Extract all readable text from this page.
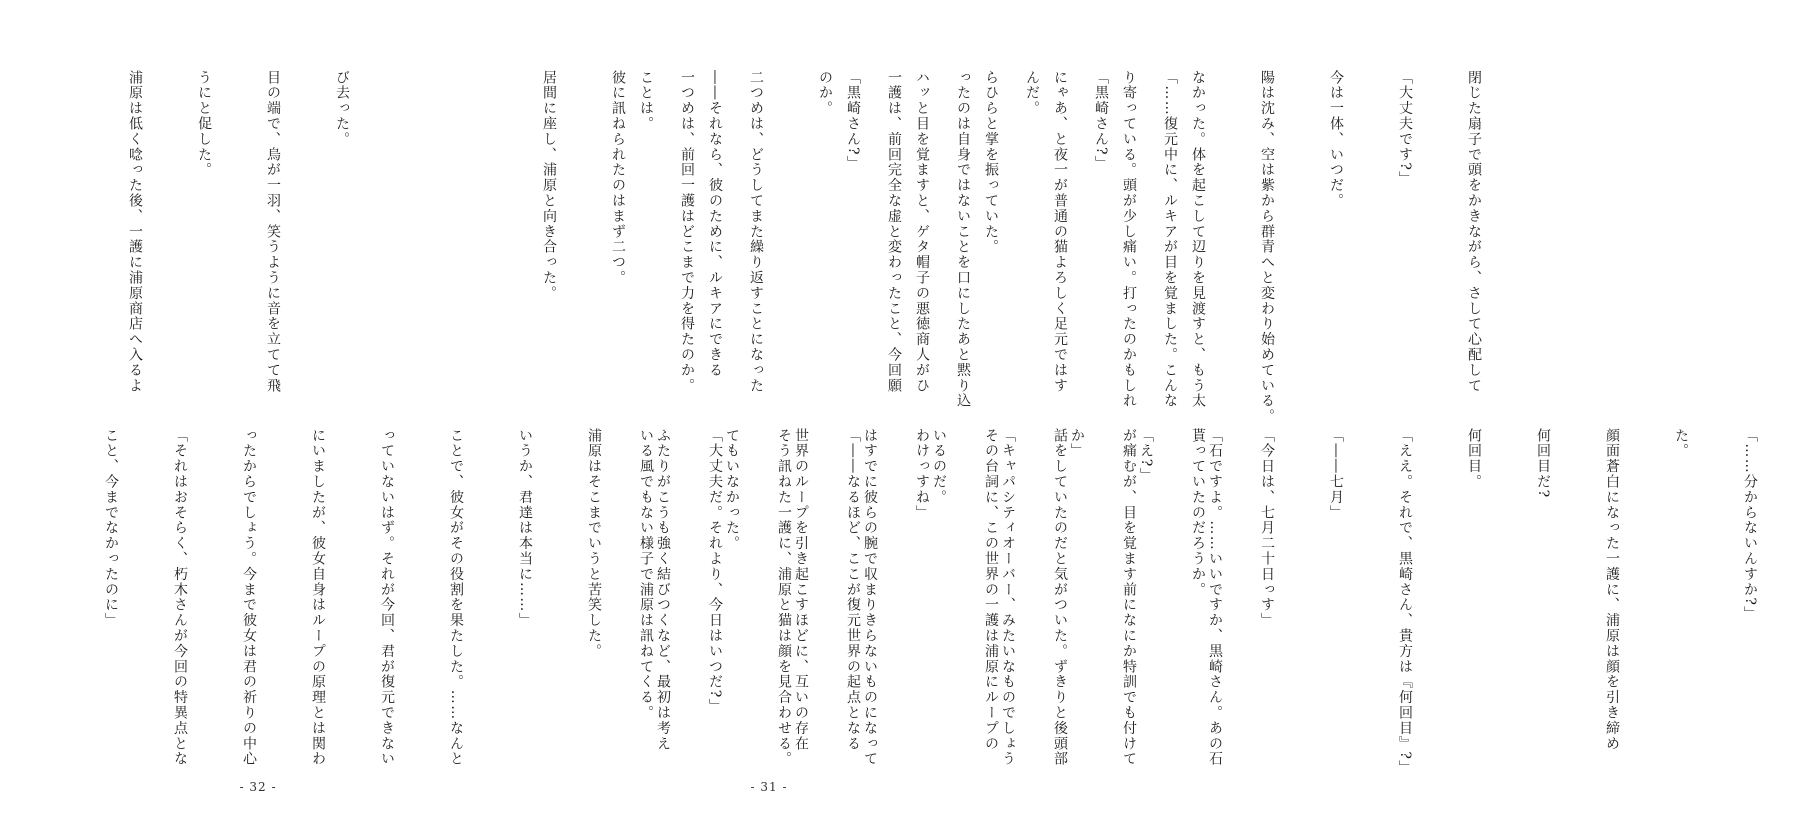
「……復元中に、ルキアが目を覚ました。こんな

「黒崎さん?」

んだ。

ったのは自身ではないことを口にしたあと黙り込

一護は、前回完全な虚と変わったこと、今回願

のか。

二つめは、どうしてまた繰り返すことになった

一つめは、前回一護はどこまで力を得たのか。

彼に訊ねられたのはまず二つ。

居間に座し、浦原と向き合った。

び去った。

目の端で、烏が一羽、笑うように音を立てて飛

うにと促した。

浦原は低く唸った後、一護に浦原商店へ入るよ

「石ですよ。……いいですか、黒崎さん。あの石

「え?」

か」

「キャパシティオーバー、みたいなものでしょう

いるのだ。

はすでに彼らの腕で収まりきらないものになって

世界のループを引き起こすほどに、互いの存在

てもいなかった。

ふたりがこうも強く結びつくなど、最初は考え

浦原はそこまでいうと苦笑した。

いうか、君達は本当に……」

ことで、彼女がその役割を果たした。……なんと

っていないはず。それが今回、君が復元できない

にいましたが、彼女自身はループの原理とは関わ

ったからでしょう。今まで彼女は君の祈りの中心

「それはおそらく、朽木さんが今回の特異点とな

こと、今までなかったのに」

- 32 -

閉じた扇子で頭をかきながら、さして心配して

「大丈夫です?」

今は一体、いつだ。

陽は沈み、空は紫から群青へと変わり始めている。

なかった。体を起こして辺りを見渡すと、もう太

り寄っている。頭が少し痛い。打ったのかもしれ

にゃあ、と夜一が普通の猫よろしく足元ではす

らひらと掌を振っていた。

ハッと目を覚ますと、ゲタ帽子の悪徳商人がひ

「黒崎さん?」

――それなら、彼のために、ルキアにできる

ことは。

「……分からないんすか?」

た。

顔面蒼白になった一護に、浦原は顔を引き締め

何回目だ?

何回目。

「ええ。それで、黒崎さん、貴方は『何回目』?」

「――七月」

「今日は、七月二十日っす」

貰っていたのだろうか。

が痛むが、目を覚ます前になにか特訓でも付けて

話をしていたのだと気がついた。ずきりと後頭部

その台詞に、この世界の一護は浦原にループの

わけっすね」

「――なるほど、ここが復元世界の起点となる

そう訊ねた一護に、浦原と猫は顔を見合わせる。

「大丈夫だ。それより、今日はいつだ?」

いる風でもない様子で浦原は訊ねてくる。

- 31 -
